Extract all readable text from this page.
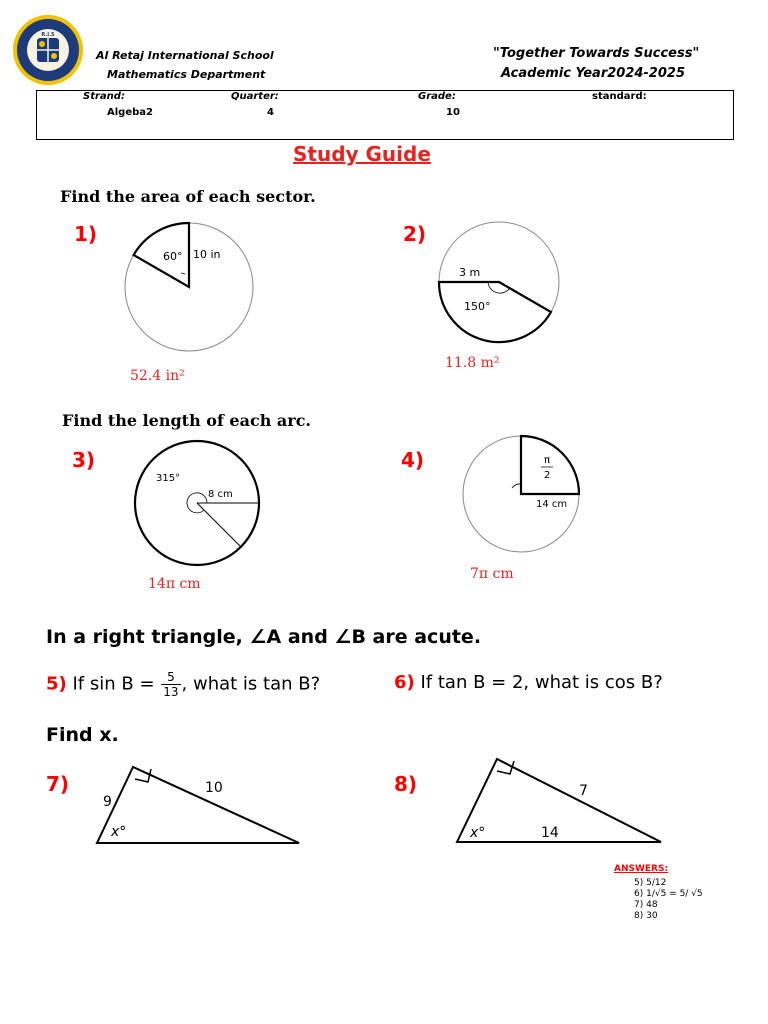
R.I.S
Al Retaj International School
Mathematics Department
"Together Towards Success"
Academic Year2024-2025
Strand:
Algeba2
Quarter:
4
Grade:
10
standard:
Study Guide
Find the area of each sector.
1)
60° 10 in
52.4 in²
2)
3 m
150°
11.8 m²
Find the length of each arc.
3)
315°
8 cm
14π cm
4)	π
2
14 cm
7π cm
In a right triangle, ∠A and ∠B are acute.
5) If $\sin B = \frac{5}{13}$ , what is tan B?	6) If tan B = 2, what is cos B?
Find x.
7)
9
10
x°
8)	7
14
x°
ANSWERS:
5) 5/12
6) 1/√5 = 5/ √5
7) 48
8) 30
